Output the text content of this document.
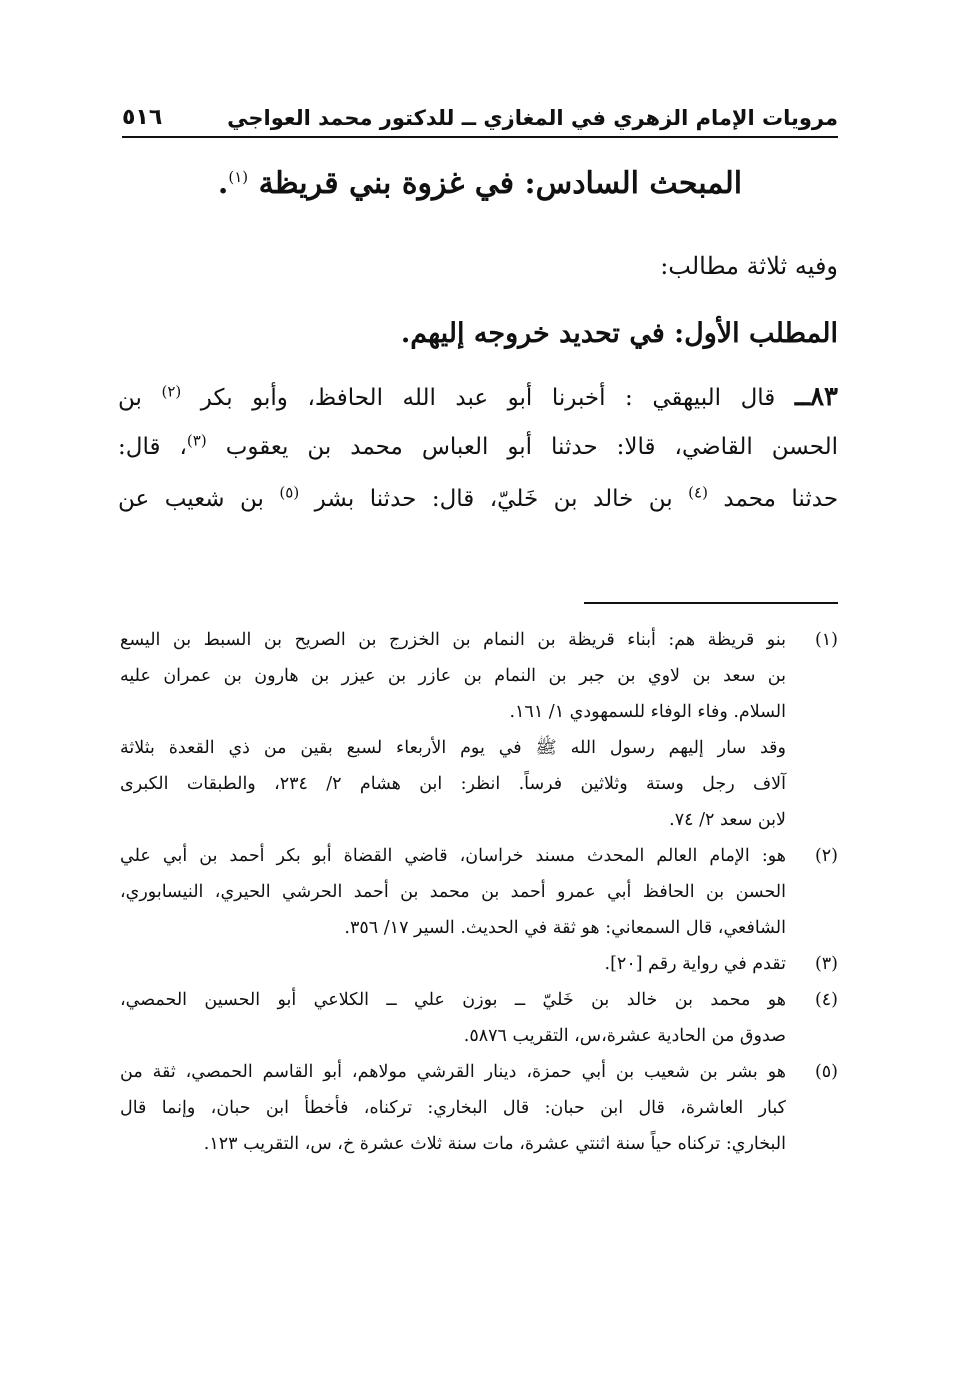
مرويات الإمام الزهري في المغازي ــ للدكتور محمد العواجي
٥١٦
المبحث السادس: في غزوة بني قريظة $^{(١)}$.
وفيه ثلاثة مطالب:
المطلب الأول: في تحديد خروجه إليهم.
٨٣ــ قال البيهقي : أخبرنا أبو عبد الله الحافظ، وأبو بكر $^{(٢)}$ بن
الحسن القاضي، قالا: حدثنا أبو العباس محمد بن يعقوب $^{(٣)}$، قال:
حدثنا محمد $^{(٤)}$ بن خالد بن خَليّ، قال: حدثنا بشر $^{(٥)}$ بن شعيب عن
(١)
بنو قريظة هم: أبناء قريظة بن النمام بن الخزرج بن الصريح بن السبط بن اليسع
بن سعد بن لاوي بن جبر بن النمام بن عازر بن عيزر بن هارون بن عمران عليه
السلام. وفاء الوفاء للسمهودي ١/ ١٦١.
وقد سار إليهم رسول الله ﷺ في يوم الأربعاء لسبع بقين من ذي القعدة بثلاثة
آلاف رجل وستة وثلاثين فرساً. انظر: ابن هشام ٢/ ٢٣٤، والطبقات الكبرى
لابن سعد ٢/ ٧٤.
(٢)
هو: الإمام العالم المحدث مسند خراسان، قاضي القضاة أبو بكر أحمد بن أبي علي
الحسن بن الحافظ أبي عمرو أحمد بن محمد بن أحمد الحرشي الحيري، النيسابوري،
الشافعي، قال السمعاني: هو ثقة في الحديث. السير ١٧/ ٣٥٦.
(٣)
تقدم في رواية رقم [٢٠].
(٤)
هو محمد بن خالد بن خَليّ ــ بوزن علي ــ الكلاعي أبو الحسين الحمصي،
صدوق من الحادية عشرة،س، التقريب ٥٨٧٦.
(٥)
هو بشر بن شعيب بن أبي حمزة، دينار القرشي مولاهم، أبو القاسم الحمصي، ثقة من
كبار العاشرة، قال ابن حبان: قال البخاري: تركناه، فأخطأ ابن حبان، وإنما قال
البخاري: تركناه حياً سنة اثنتي عشرة، مات سنة ثلاث عشرة خ، س، التقريب ١٢٣.
